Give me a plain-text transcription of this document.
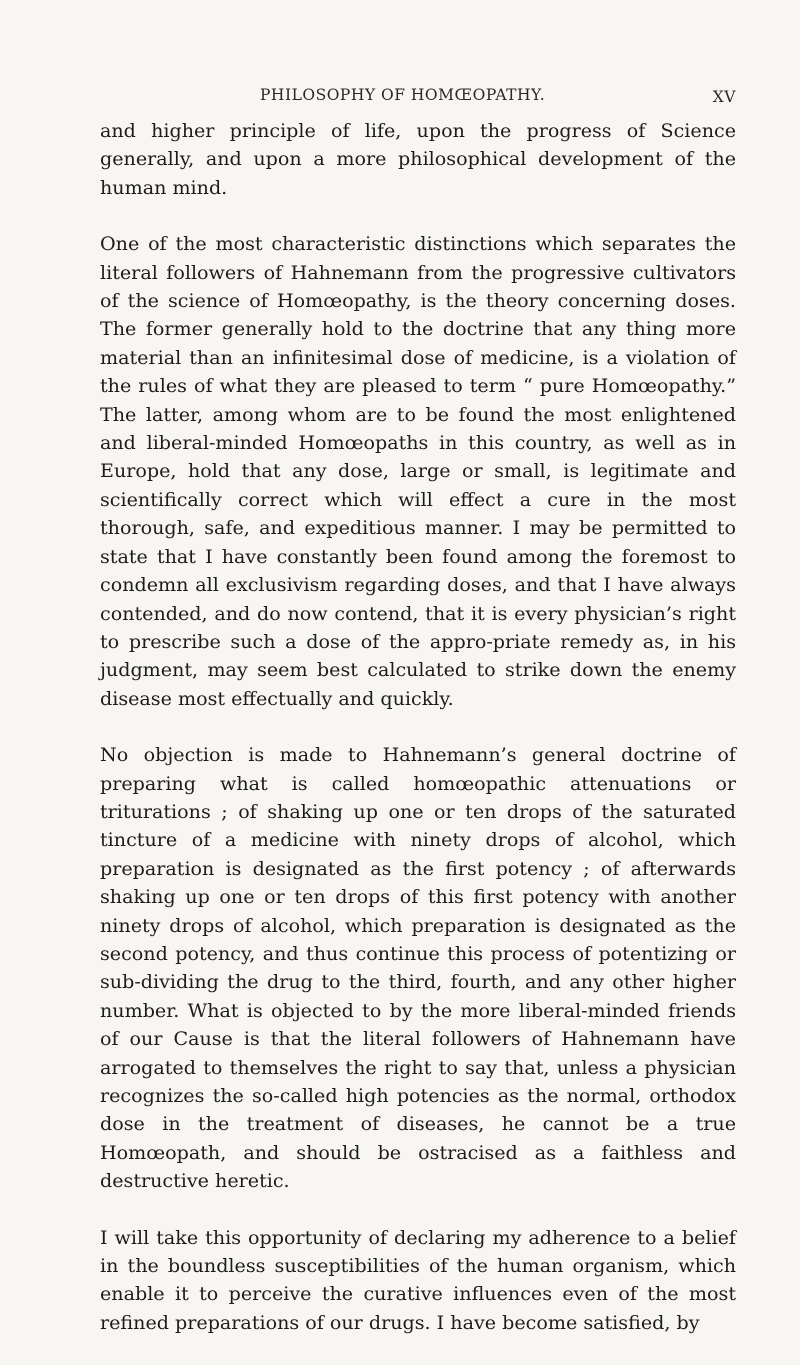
PHILOSOPHY OF HOMŒOPATHY.	XV

and higher principle of life, upon the progress of Science generally, and upon a more philosophical development of the human mind.

One of the most characteristic distinctions which separates the literal followers of Hahnemann from the progressive cultivators of the science of Homœopathy, is the theory concerning doses. The former generally hold to the doctrine that any thing more material than an infinitesimal dose of medicine, is a violation of the rules of what they are pleased to term “ pure Homœopathy.” The latter, among whom are to be found the most enlightened and liberal-minded Homœopaths in this country, as well as in Europe, hold that any dose, large or small, is legitimate and scientifically correct which will effect a cure in the most thorough, safe, and expeditious manner. I may be permitted to state that I have constantly been found among the foremost to condemn all exclusivism regarding doses, and that I have always contended, and do now contend, that it is every physician’s right to prescribe such a dose of the appro-priate remedy as, in his judgment, may seem best calculated to strike down the enemy disease most effectually and quickly.

No objection is made to Hahnemann’s general doctrine of preparing what is called homœopathic attenuations or triturations ; of shaking up one or ten drops of the saturated tincture of a medicine with ninety drops of alcohol, which preparation is designated as the first potency ; of afterwards shaking up one or ten drops of this first potency with another ninety drops of alcohol, which preparation is designated as the second potency, and thus continue this process of potentizing or sub-dividing the drug to the third, fourth, and any other higher number. What is objected to by the more liberal-minded friends of our Cause is that the literal followers of Hahnemann have arrogated to themselves the right to say that, unless a physician recognizes the so-called high potencies as the normal, orthodox dose in the treatment of diseases, he cannot be a true Homœopath, and should be ostracised as a faithless and destructive heretic.

I will take this opportunity of declaring my adherence to a belief in the boundless susceptibilities of the human organism, which enable it to perceive the curative influences even of the most refined preparations of our drugs. I have become satisfied, by
